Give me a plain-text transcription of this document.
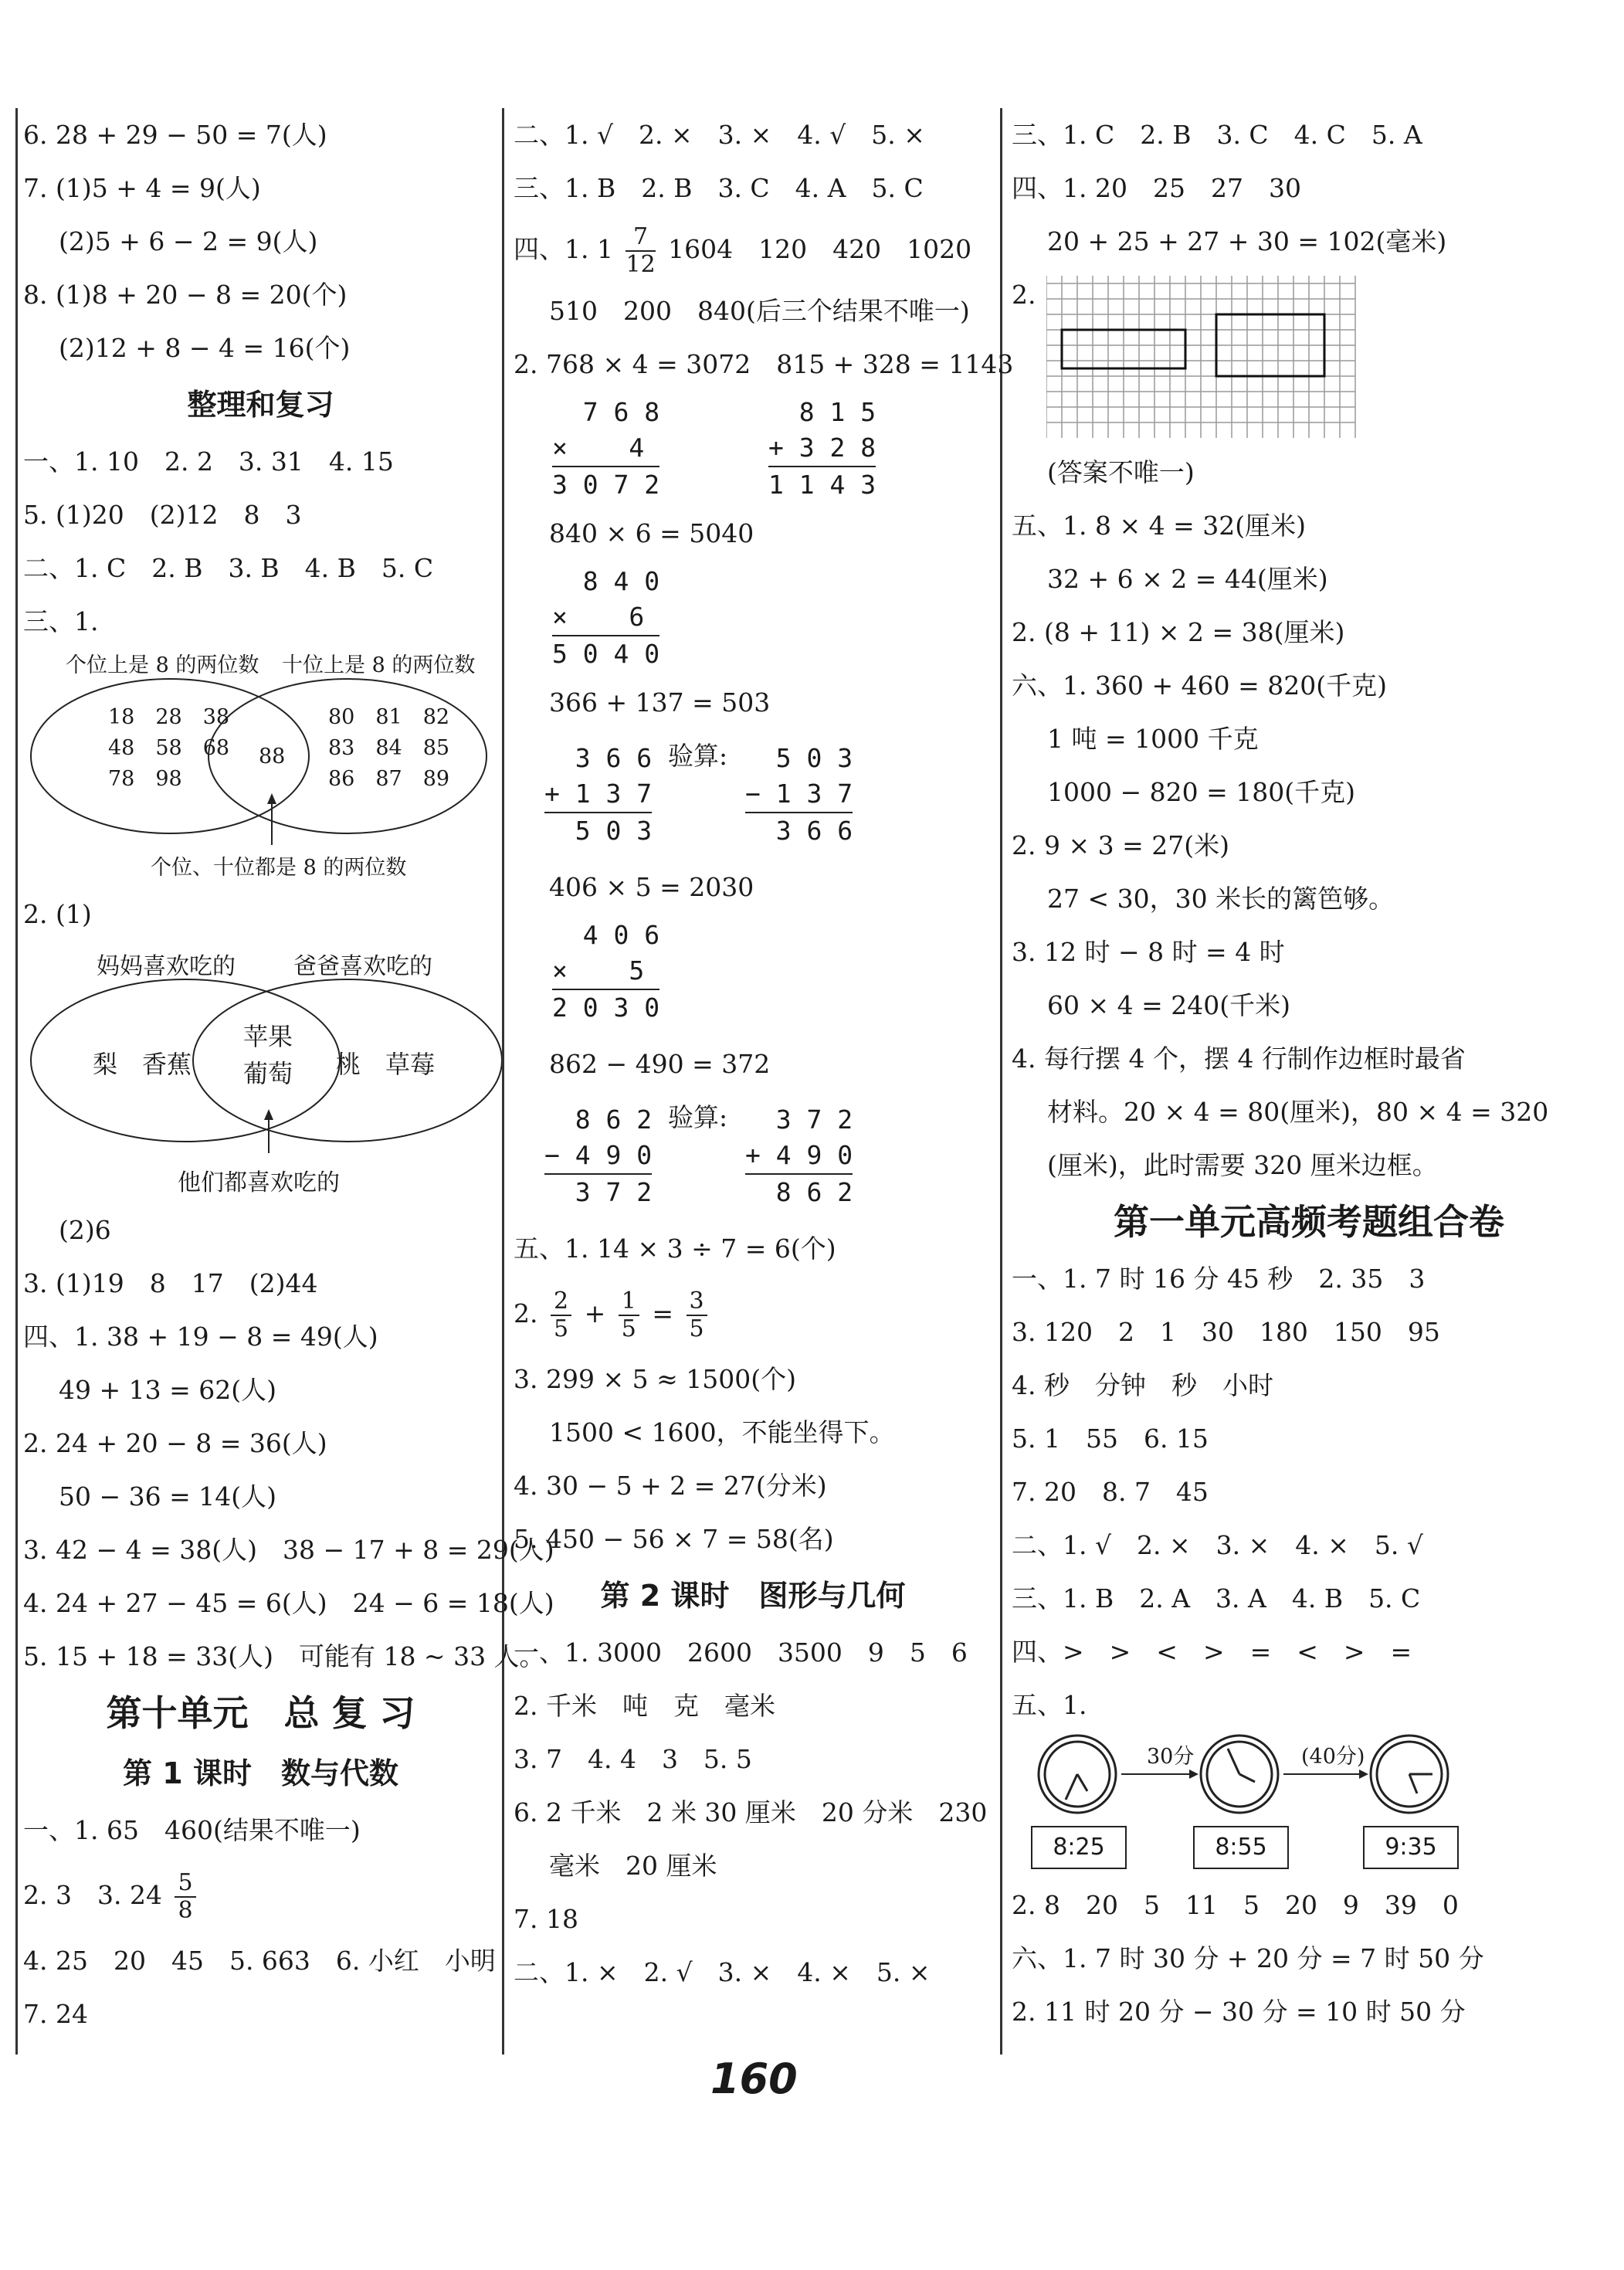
6. 28 + 29 − 50 = 7(人)
7. (1)5 + 4 = 9(人)
(2)5 + 6 − 2 = 9(人)
8. (1)8 + 20 − 8 = 20(个)
(2)12 + 8 − 4 = 16(个)
整理和复习
一、1. 10　2. 2　3. 31　4. 15
5. (1)20　(2)12　8　3
二、1. C　2. B　3. B　4. B　5. C
三、1.
个位上是 8 的两位数 十位上是 8 的两位数
18　28　38
48　58　68
78　98
88
80　81　82
83　84　85
86　87　89
个位、十位都是 8 的两位数
2. (1)
妈妈喜欢吃的	爸爸喜欢吃的
梨　香蕉
苹果
葡萄 桃　草莓
他们都喜欢吃的
(2)6
3. (1)19　8　17　(2)44
四、1. 38 + 19 − 8 = 49(人)
49 + 13 = 62(人)
2. 24 + 20 − 8 = 36(人)
50 − 36 = 14(人)
3. 42 − 4 = 38(人)　38 − 17 + 8 = 29(人)
4. 24 + 27 − 45 = 6(人)　24 − 6 = 18(人)
5. 15 + 18 = 33(人)　可能有 18 ~ 33 人。
第十单元　总 复 习
第 1 课时　数与代数
一、1. 65　460(结果不唯一)
2. 3　3. $24 \frac{5}{8}$
4. 25　20　45　5. 663　6. 小红　小明
7. 24
二、1. √　2. ×　3. ×　4. √　5. ×
三、1. B　2. B　3. C　4. A　5. C
四、1. $1 \frac{7}{12} 1604$　120　420　1020
510　200　840(后三个结果不唯一)
2. 768 × 4 = 3072　815 + 328 = 1143
7 6 8
×    4
3 0 7 2
8 1 5
+ 3 2 8
1 1 4 3
840 × 6 = 5040
8 4 0
×    6
5 0 4 0
366 + 137 = 503
3 6 6
+ 1 3 7
5 0 3
验算: 5 0 3
− 1 3 7
3 6 6
406 × 5 = 2030
4 0 6
×    5
2 0 3 0
862 − 490 = 372
8 6 2
− 4 9 0
3 7 2
验算: 3 7 2
+ 4 9 0
8 6 2
五、1. 14 × 3 ÷ 7 = 6(个)
2. $\frac{2}{5} + \frac{1}{5} = \frac{3}{5}$
3. 299 × 5 ≈ 1500(个)
1500 < 1600，不能坐得下。
4. 30 − 5 + 2 = 27(分米)
5. 450 − 56 × 7 = 58(名)
第 2 课时　图形与几何
一、1. 3000　2600　3500　9　5　6
2. 千米　吨　克　毫米
3. 7　4. 4　3　5. 5
6. 2 千米　2 米 30 厘米　20 分米　230
毫米　20 厘米
7. 18
二、1. ×　2. √　3. ×　4. ×　5. ×
三、1. C　2. B　3. C　4. C　5. A
四、1. 20　25　27　30
20 + 25 + 27 + 30 = 102(毫米)
2.
(答案不唯一)
五、1. 8 × 4 = 32(厘米)
32 + 6 × 2 = 44(厘米)
2. (8 + 11) × 2 = 38(厘米)
六、1. 360 + 460 = 820(千克)
1 吨 = 1000 千克
1000 − 820 = 180(千克)
2. 9 × 3 = 27(米)
27 < 30，30 米长的篱笆够。
3. 12 时 − 8 时 = 4 时
60 × 4 = 240(千米)
4. 每行摆 4 个，摆 4 行制作边框时最省
材料。20 × 4 = 80(厘米)，80 × 4 = 320
(厘米)，此时需要 320 厘米边框。
第一单元高频考题组合卷
一、1. 7 时 16 分 45 秒　2. 35　3
3. 120　2　1　30　180　150　95
4. 秒　分钟　秒　小时
5. 1　55　6. 15
7. 20　8. 7　45
二、1. √　2. ×　3. ×　4. ×　5. √
三、1. B　2. A　3. A　4. B　5. C
四、>　>　<　>　=　<　>　=
五、1.
30分	(40分)
8:25	8:55	9:35
2. 8　20　5　11　5　20　9　39　0
六、1. 7 时 30 分 + 20 分 = 7 时 50 分
2. 11 时 20 分 − 30 分 = 10 时 50 分
160
